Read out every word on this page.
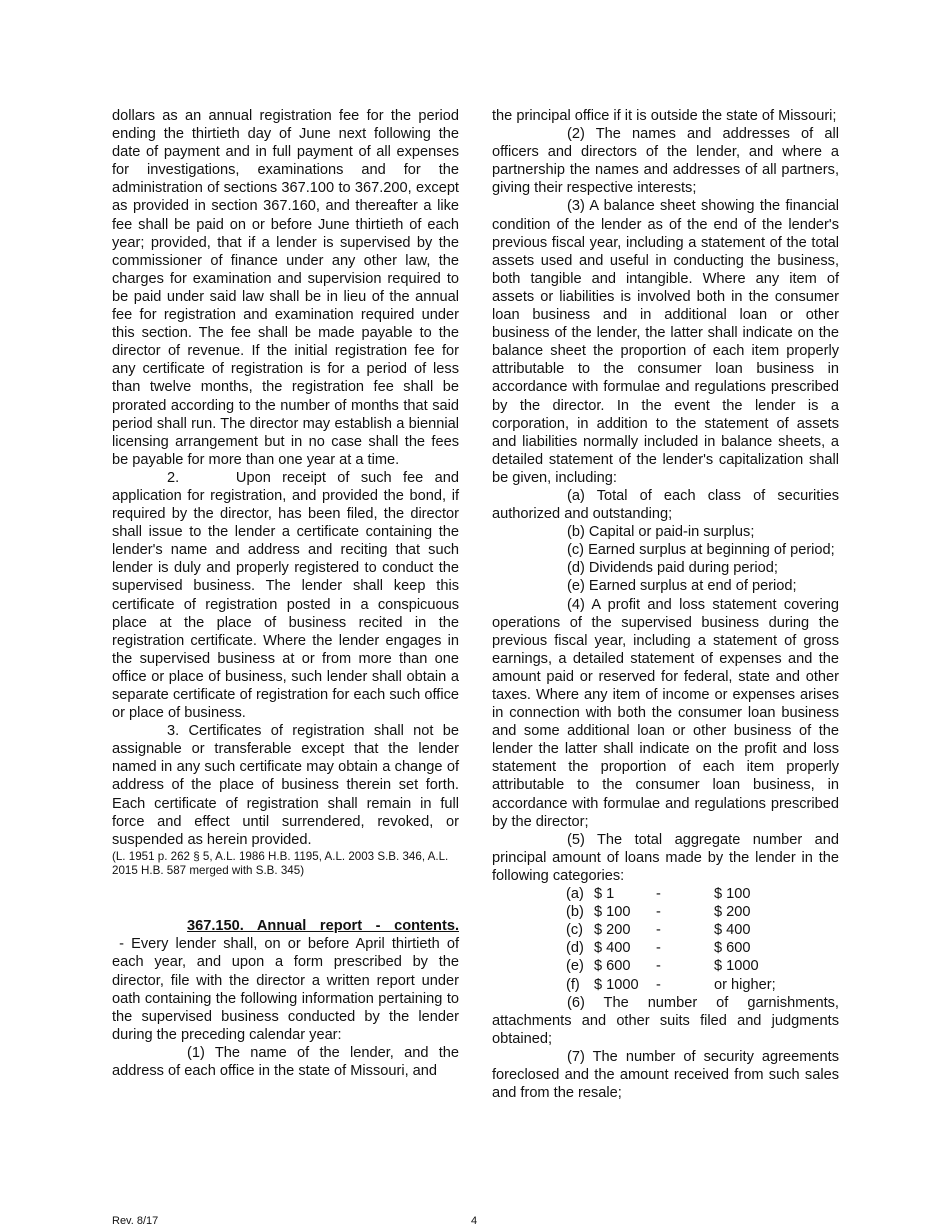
dollars as an annual registration fee for the period ending the thirtieth day of June next following the date of payment and in full payment of all expenses for investigations, examinations and for the administration of sections 367.100 to 367.200, except as provided in section 367.160, and thereafter a like fee shall be paid on or before June thirtieth of each year; provided, that if a lender is supervised by the commissioner of finance under any other law, the charges for examination and supervision required to be paid under said law shall be in lieu of the annual fee for registration and examination required under this section. The fee shall be made payable to the director of revenue. If the initial registration fee for any certificate of registration is for a period of less than twelve months, the registration fee shall be prorated according to the number of months that said period shall run. The director may establish a biennial licensing arrangement but in no case shall the fees be payable for more than one year at a time.

2.     Upon receipt of such fee and application for registration, and provided the bond, if required by the director, has been filed, the director shall issue to the lender a certificate containing the lender's name and address and reciting that such lender is duly and properly registered to conduct the supervised business. The lender shall keep this certificate of registration posted in a conspicuous place at the place of business recited in the registration certificate. Where the lender engages in the supervised business at or from more than one office or place of business, such lender shall obtain a separate certificate of registration for each such office or place of business.

3. Certificates of registration shall not be assignable or transferable except that the lender named in any such certificate may obtain a change of address of the place of business therein set forth. Each certificate of registration shall remain in full force and effect until surrendered, revoked, or suspended as herein provided.

(L. 1951 p. 262 § 5, A.L. 1986 H.B. 1195, A.L. 2003 S.B. 346, A.L. 2015 H.B. 587 merged with S.B. 345)

367.150. Annual report - contents. - Every lender shall, on or before April thirtieth of each year, and upon a form prescribed by the director, file with the director a written report under oath containing the following information pertaining to the supervised business conducted by the lender during the preceding calendar year:

(1) The name of the lender, and the address of each office in the state of Missouri, and

the principal office if it is outside the state of Missouri;

(2) The names and addresses of all officers and directors of the lender, and where a partnership the names and addresses of all partners, giving their respective interests;

(3) A balance sheet showing the financial condition of the lender as of the end of the lender's previous fiscal year, including a statement of the total assets used and useful in conducting the business, both tangible and intangible. Where any item of assets or liabilities is involved both in the consumer loan business and in additional loan or other business of the lender, the latter shall indicate on the balance sheet the proportion of each item properly attributable to the consumer loan business in accordance with formulae and regulations prescribed by the director. In the event the lender is a corporation, in addition to the statement of assets and liabilities normally included in balance sheets, a detailed statement of the lender's capitalization shall be given, including:

(a) Total of each class of securities authorized and outstanding;

(b) Capital or paid-in surplus;

(c) Earned surplus at beginning of period;

(d) Dividends paid during period;

(e) Earned surplus at end of period;

(4) A profit and loss statement covering operations of the supervised business during the previous fiscal year, including a statement of gross earnings, a detailed statement of expenses and the amount paid or reserved for federal, state and other taxes. Where any item of income or expenses arises in connection with both the consumer loan business and some additional loan or other business of the lender the latter shall indicate on the profit and loss statement the proportion of each item properly attributable to the consumer loan business, in accordance with formulae and regulations prescribed by the director;

(5) The total aggregate number and principal amount of loans made by the lender in the following categories:

(a)	$ 1	-	$ 100
(b)	$ 100	-	$ 200
(c)	$ 200	-	$ 400
(d)	$ 400	-	$ 600
(e)	$ 600	-	$ 1000
(f)	$ 1000	-	or higher;

(6)  The  number  of  garnishments, attachments and other suits filed and judgments obtained;

(7) The number of security agreements foreclosed and the amount received from such sales and from the resale;

Rev. 8/17	4
